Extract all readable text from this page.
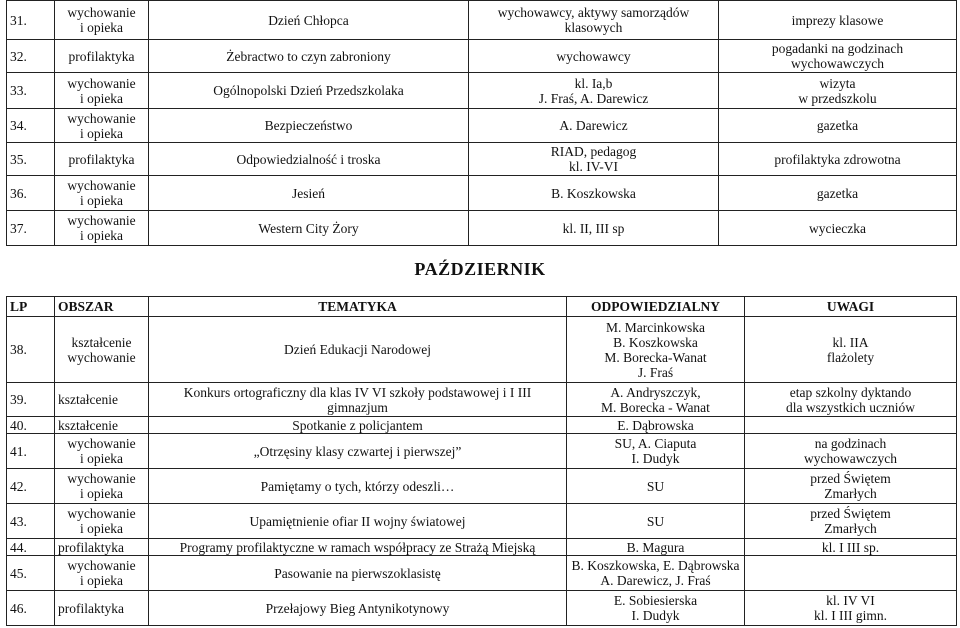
31.	wychowanie
i opieka	Dzień Chłopca	wychowawcy, aktywy samorządów
klasowych	imprezy klasowe

32.	profilaktyka	Żebractwo to czyn zabroniony	wychowawcy	pogadanki na godzinach
wychowawczych

33.	wychowanie
i opieka	Ogólnopolski Dzień Przedszkolaka	kl. Ia,b
J. Fraś, A. Darewicz	wizyta
w przedszkolu

34.	wychowanie
i opieka	Bezpieczeństwo	A. Darewicz	gazetka

35.	profilaktyka	Odpowiedzialność i troska	RIAD, pedagog
kl. IV-VI	profilaktyka zdrowotna

36.	wychowanie
i opieka	Jesień	B. Koszkowska	gazetka

37.	wychowanie
i opieka	Western City Żory	kl. II, III sp	wycieczka
PAŹDZIERNIK
LP	OBSZAR	TEMATYKA	ODPOWIEDZIALNY	UWAGI
38.	kształcenie
wychowanie	Dzień Edukacji Narodowej	M. Marcinkowska
B. Koszkowska
M. Borecka-Wanat
J. Fraś	kl. IIA
flażolety

39.	kształcenie	Konkurs ortograficzny dla klas IV VI szkoły podstawowej i I III
gimnazjum	A. Andryszczyk,
M. Borecka - Wanat	etap szkolny dyktando
dla wszystkich uczniów

40.	kształcenie	Spotkanie z policjantem	E. Dąbrowska	

41.	wychowanie
i opieka	„Otrzęsiny klasy czwartej i pierwszej”	SU, A. Ciaputa
I. Dudyk	na godzinach
wychowawczych

42.	wychowanie
i opieka	Pamiętamy o tych, którzy odeszli…	SU	przed Świętem
Zmarłych

43.	wychowanie
i opieka	Upamiętnienie ofiar II wojny światowej	SU	przed Świętem
Zmarłych

44.	profilaktyka	Programy profilaktyczne w ramach współpracy ze Strażą Miejską	B. Magura	kl. I III sp.

45.	wychowanie
i opieka	Pasowanie na pierwszoklasistę	B. Koszkowska, E. Dąbrowska
A. Darewicz, J. Fraś	

46.	profilaktyka	Przełajowy Bieg Antynikotynowy	E. Sobiesierska
I. Dudyk	kl. IV VI
kl. I III gimn.
